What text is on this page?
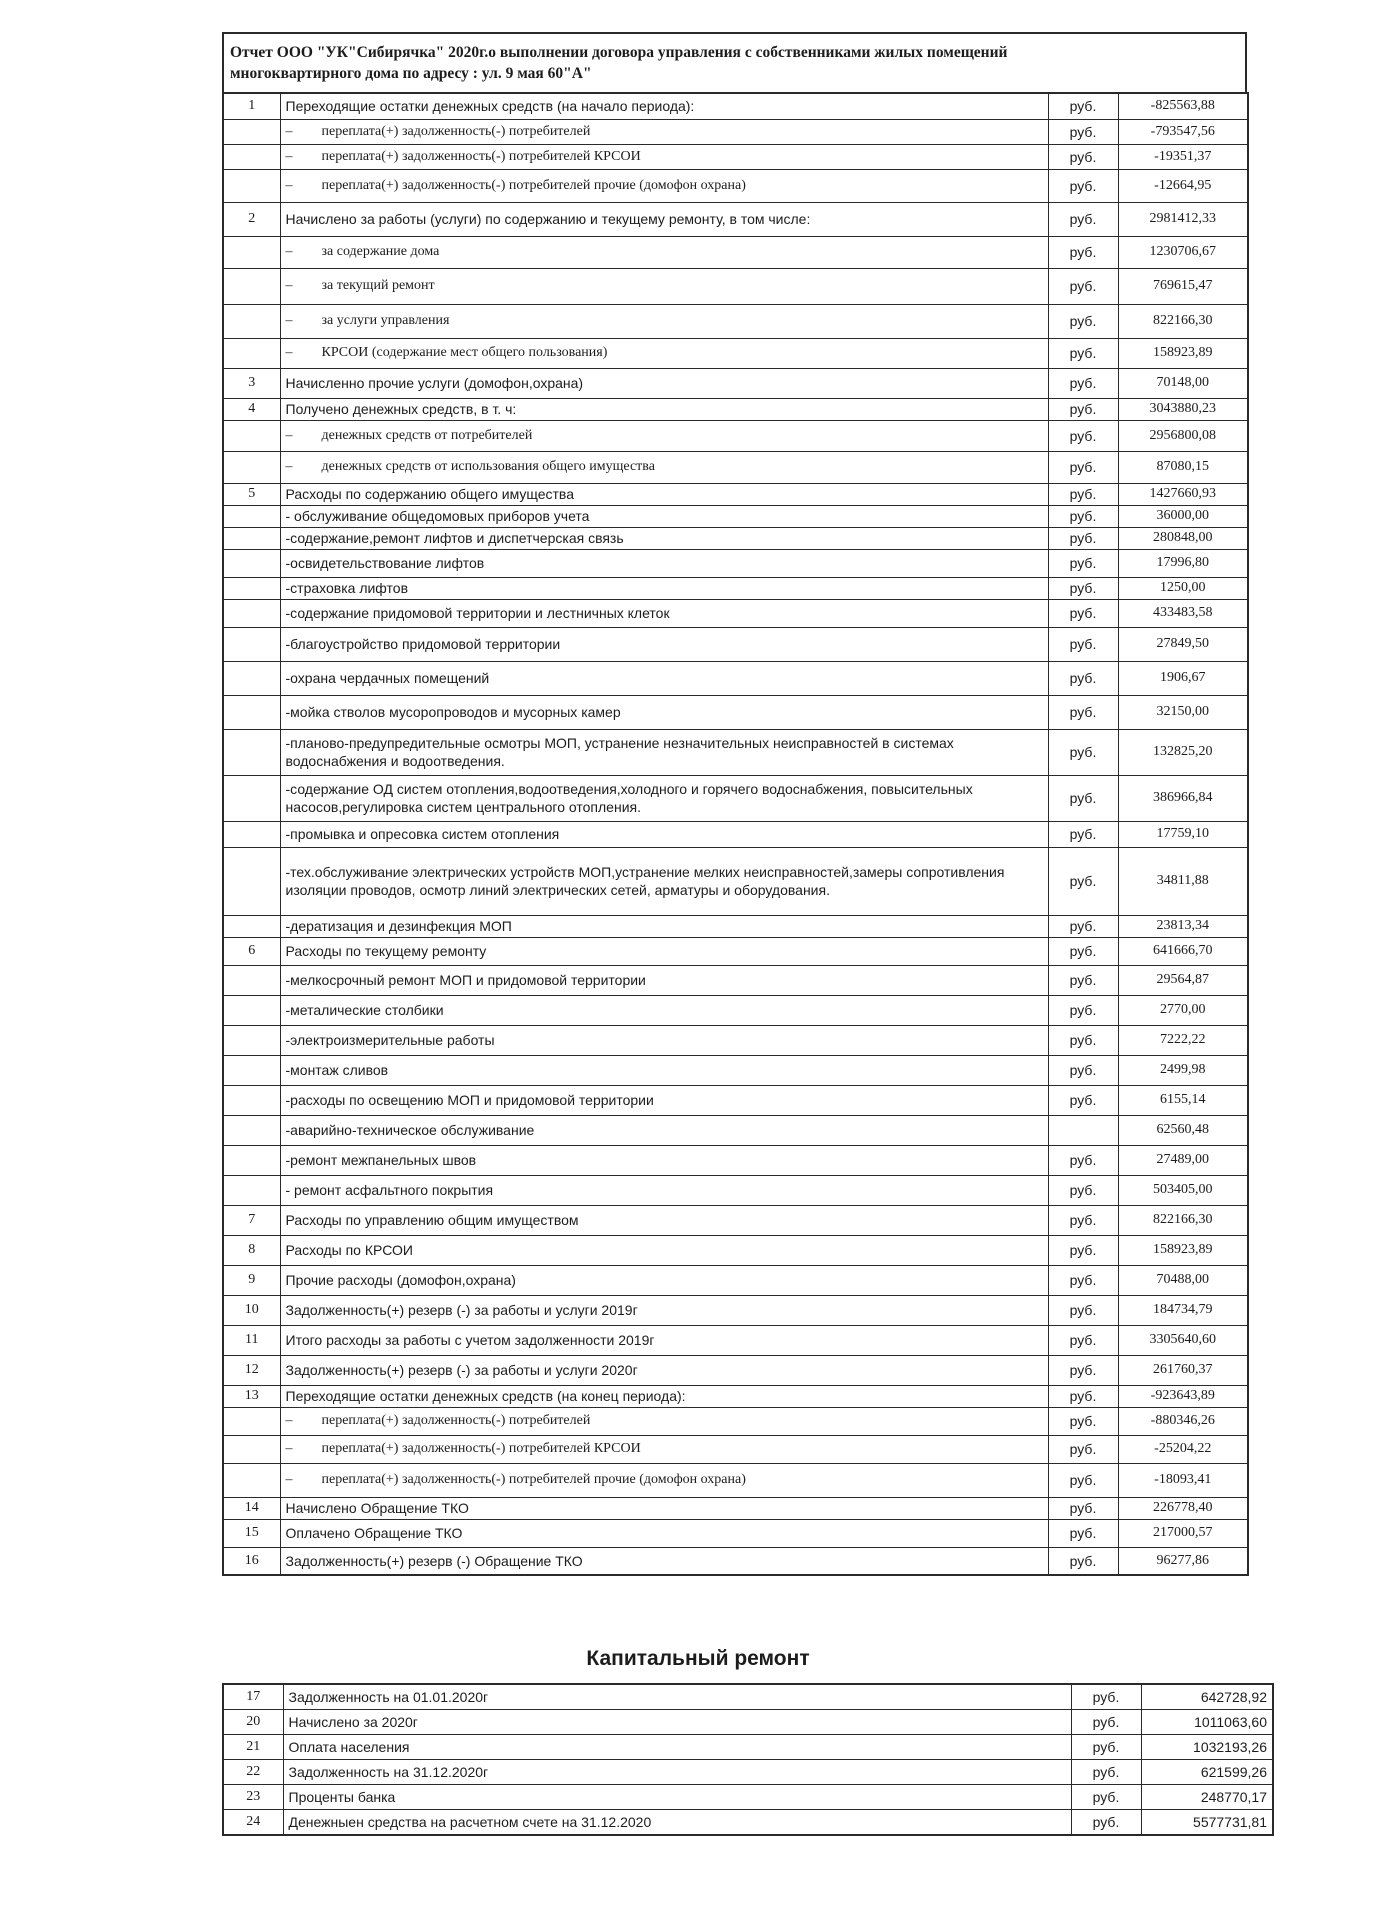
Отчет ООО "УК"Сибирячка" 2020г.о выполнении договора управления с собственниками жилых помещений
многоквартирного дома по адресу : ул. 9 мая 60"А"
1	Переходящие остатки денежных средств (на начало периода):	руб.	-825563,88
	– переплата(+) задолженность(-) потребителей	руб.	-793547,56
	– переплата(+) задолженность(-) потребителей КРСОИ	руб.	-19351,37
	– переплата(+) задолженность(-) потребителей прочие (домофон охрана)	руб.	-12664,95
2	Начислено за работы (услуги) по содержанию и текущему ремонту, в том числе:	руб.	2981412,33
	– за содержание дома	руб.	1230706,67
	– за текущий ремонт	руб.	769615,47
	– за услуги управления	руб.	822166,30
	– КРСОИ (содержание мест общего пользования)	руб.	158923,89
3	Начисленно прочие услуги (домофон,охрана)	руб.	70148,00
4	Получено денежных средств, в т. ч:	руб.	3043880,23
	– денежных средств от потребителей	руб.	2956800,08
	– денежных средств от использования общего имущества	руб.	87080,15
5	Расходы по содержанию общего имущества	руб.	1427660,93
	- обслуживание общедомовых приборов учета	руб.	36000,00
	-содержание,ремонт лифтов и диспетчерская связь	руб.	280848,00
	-освидетельствование лифтов	руб.	17996,80
	-страховка лифтов	руб.	1250,00
	-содержание придомовой территории и лестничных клеток	руб.	433483,58
	-благоустройство придомовой территории	руб.	27849,50
	-охрана чердачных помещений	руб.	1906,67
	-мойка стволов мусоропроводов и мусорных камер	руб.	32150,00
	-планово-предупредительные осмотры МОП, устранение незначительных неисправностей в системах водоснабжения и водоотведения.	руб.	132825,20
	-содержание ОД систем отопления,водоотведения,холодного и горячего водоснабжения, повысительных насосов,регулировка систем центрального отопления.	руб.	386966,84
	-промывка и опресовка систем отопления	руб.	17759,10
	-тех.обслуживание электрических устройств МОП,устранение мелких неисправностей,замеры сопротивления изоляции проводов, осмотр линий электрических сетей, арматуры и оборудования.	руб.	34811,88
	-дератизация и дезинфекция МОП	руб.	23813,34
6	Расходы по текущему ремонту	руб.	641666,70
	-мелкосрочный ремонт МОП и придомовой территории	руб.	29564,87
	-металические столбики	руб.	2770,00
	-электроизмерительные работы	руб.	7222,22
	-монтаж сливов	руб.	2499,98
	-расходы по освещению МОП и придомовой территории	руб.	6155,14
	-аварийно-техническое обслуживание		62560,48
	-ремонт межпанельных швов	руб.	27489,00
	- ремонт асфальтного покрытия	руб.	503405,00
7	Расходы по управлению общим имуществом	руб.	822166,30
8	Расходы по КРСОИ	руб.	158923,89
9	Прочие расходы (домофон,охрана)	руб.	70488,00
10	Задолженность(+) резерв (-) за работы и услуги 2019г	руб.	184734,79
11	Итого расходы за работы с учетом задолженности 2019г	руб.	3305640,60
12	Задолженность(+) резерв (-) за работы и услуги 2020г	руб.	261760,37
13	Переходящие остатки денежных средств (на конец периода):	руб.	-923643,89
	– переплата(+) задолженность(-) потребителей	руб.	-880346,26
	– переплата(+) задолженность(-) потребителей КРСОИ	руб.	-25204,22
	– переплата(+) задолженность(-) потребителей прочие (домофон охрана)	руб.	-18093,41
14	Начислено Обращение ТКО	руб.	226778,40
15	Оплачено Обращение ТКО	руб.	217000,57
16	Задолженность(+) резерв (-) Обращение ТКО	руб.	96277,86
Капитальный ремонт
17	Задолженность на 01.01.2020г	руб.	642728,92
20	Начислено за 2020г	руб.	1011063,60
21	Оплата населения	руб.	1032193,26
22	Задолженность на 31.12.2020г	руб.	621599,26
23	Проценты банка	руб.	248770,17
24	Денежныен средства на расчетном счете на 31.12.2020	руб.	5577731,81
